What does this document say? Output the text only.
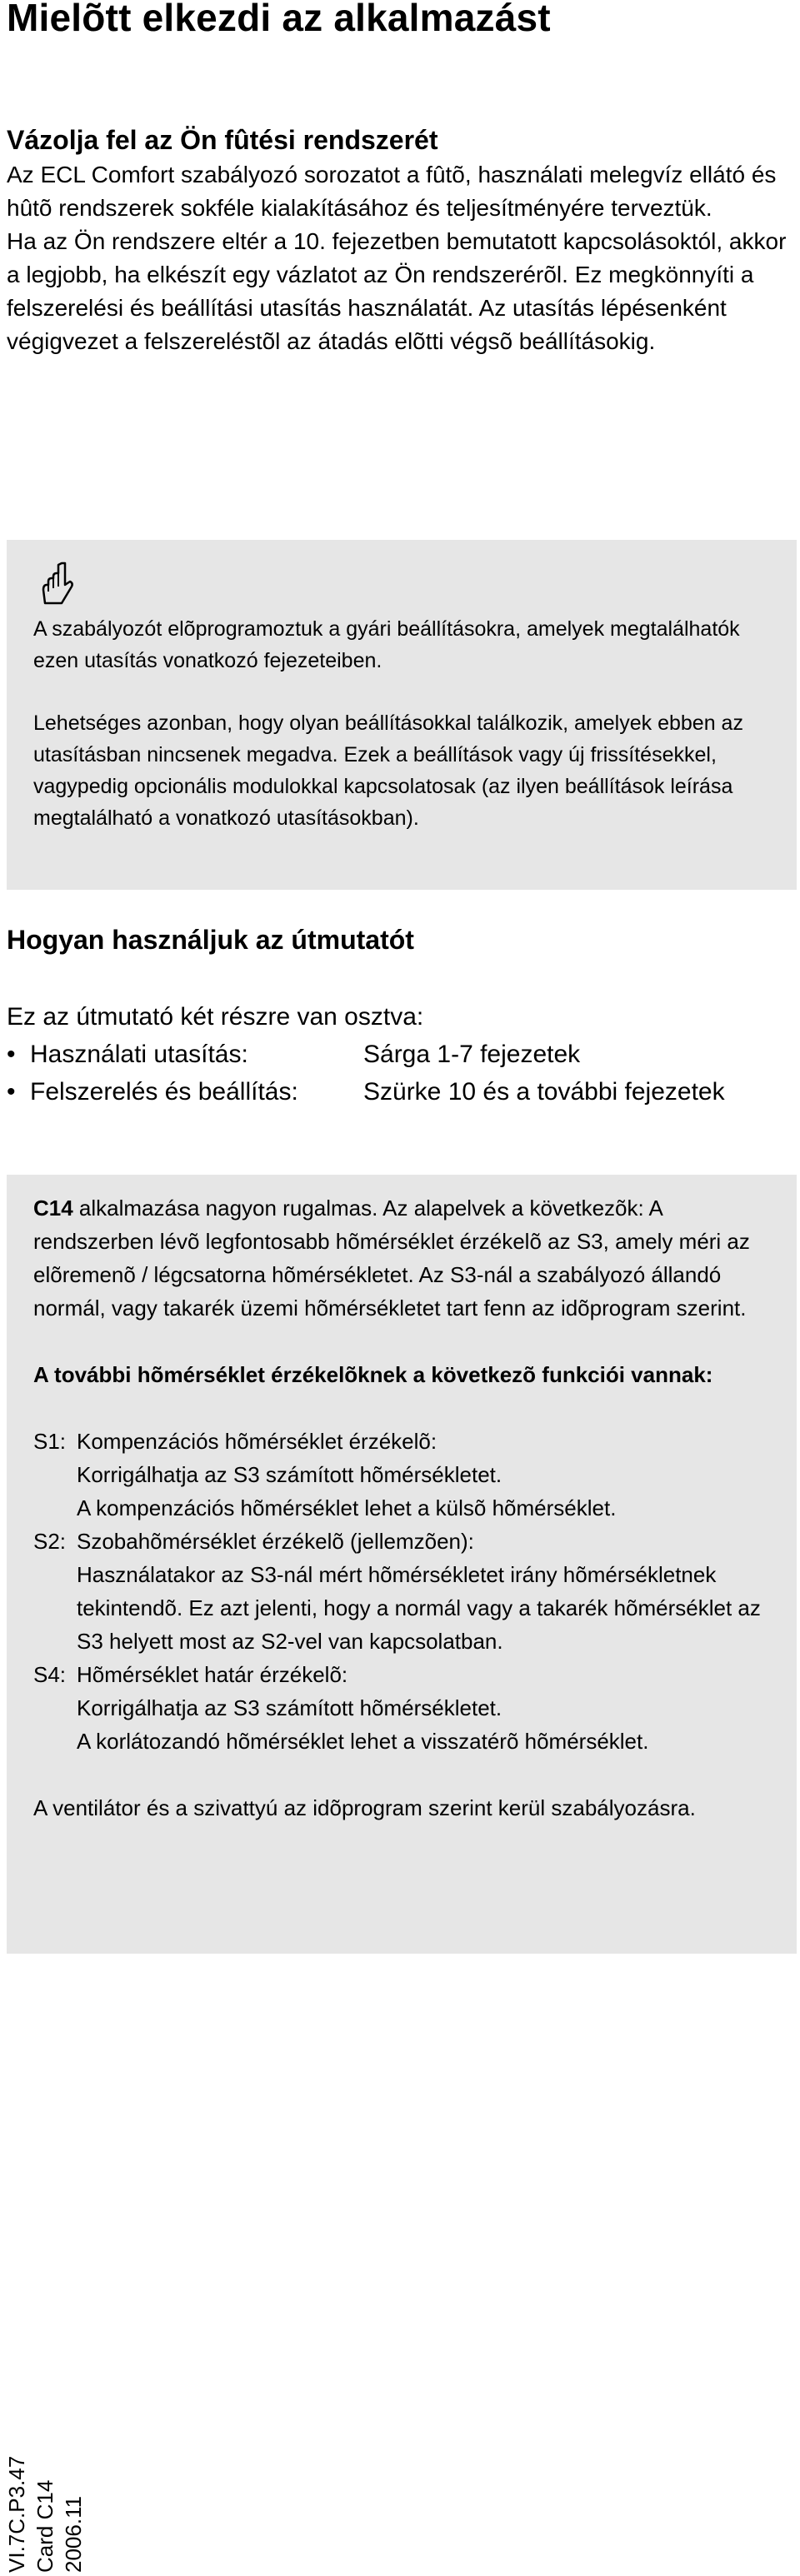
Mielõtt elkezdi az alkalmazást
Vázolja fel az Ön fûtési rendszerét

Az ECL Comfort szabályozó sorozatot a fûtõ, használati melegvíz ellátó és hûtõ rendszerek sokféle kialakításához és teljesítményére terveztük.

Ha az Ön rendszere eltér a 10. fejezetben bemutatott kapcsolásoktól, akkor a legjobb, ha elkészít egy vázlatot az Ön rendszerérõl. Ez megkönnyíti a felszerelési és beállítási utasítás használatát. Az utasítás lépésenként végigvezet a felszereléstõl az átadás elõtti végsõ beállításokig.

A szabályozót elõprogramoztuk a gyári beállításokra, amelyek megtalálhatók ezen utasítás vonatkozó fejezeteiben.

Lehetséges azonban, hogy olyan beállításokkal találkozik, amelyek ebben az utasításban nincsenek megadva. Ezek a beállítások vagy új frissítésekkel, vagypedig opcionális modulokkal kapcsolatosak (az ilyen beállítások leírása megtalálható a vonatkozó utasításokban).

Hogyan használjuk az útmutatót

Ez az útmutató két részre van osztva:

• Használati utasítás:	Sárga 1-7 fejezetek
• Felszerelés és beállítás:	Szürke 10 és a további fejezetek

C14 alkalmazása nagyon rugalmas. Az alapelvek a következõk: A rendszerben lévõ legfontosabb hõmérséklet érzékelõ az S3, amely méri az elõremenõ / légcsatorna hõmérsékletet. Az S3-nál a szabályozó állandó normál, vagy takarék üzemi hõmérsékletet tart fenn az idõprogram szerint.

A további hõmérséklet érzékelõknek a következõ funkciói vannak:

S1: Kompenzációs hõmérséklet érzékelõ:

Korrigálhatja az S3 számított hõmérsékletet.

A kompenzációs hõmérséklet lehet a külsõ hõmérséklet.

S2: Szobahõmérséklet érzékelõ (jellemzõen):

Használatakor az S3-nál mért hõmérsékletet irány hõmérsékletnek tekintendõ. Ez azt jelenti, hogy a normál vagy a takarék hõmérséklet az S3 helyett most az S2-vel van kapcsolatban.

S4: Hõmérséklet határ érzékelõ:

Korrigálhatja az S3 számított hõmérsékletet.

A korlátozandó hõmérséklet lehet a visszatérõ hõmérséklet.

A ventilátor és a szivattyú az idõprogram szerint kerül szabályozásra.

VI.7C.P3.47 Card C14 2006.11
